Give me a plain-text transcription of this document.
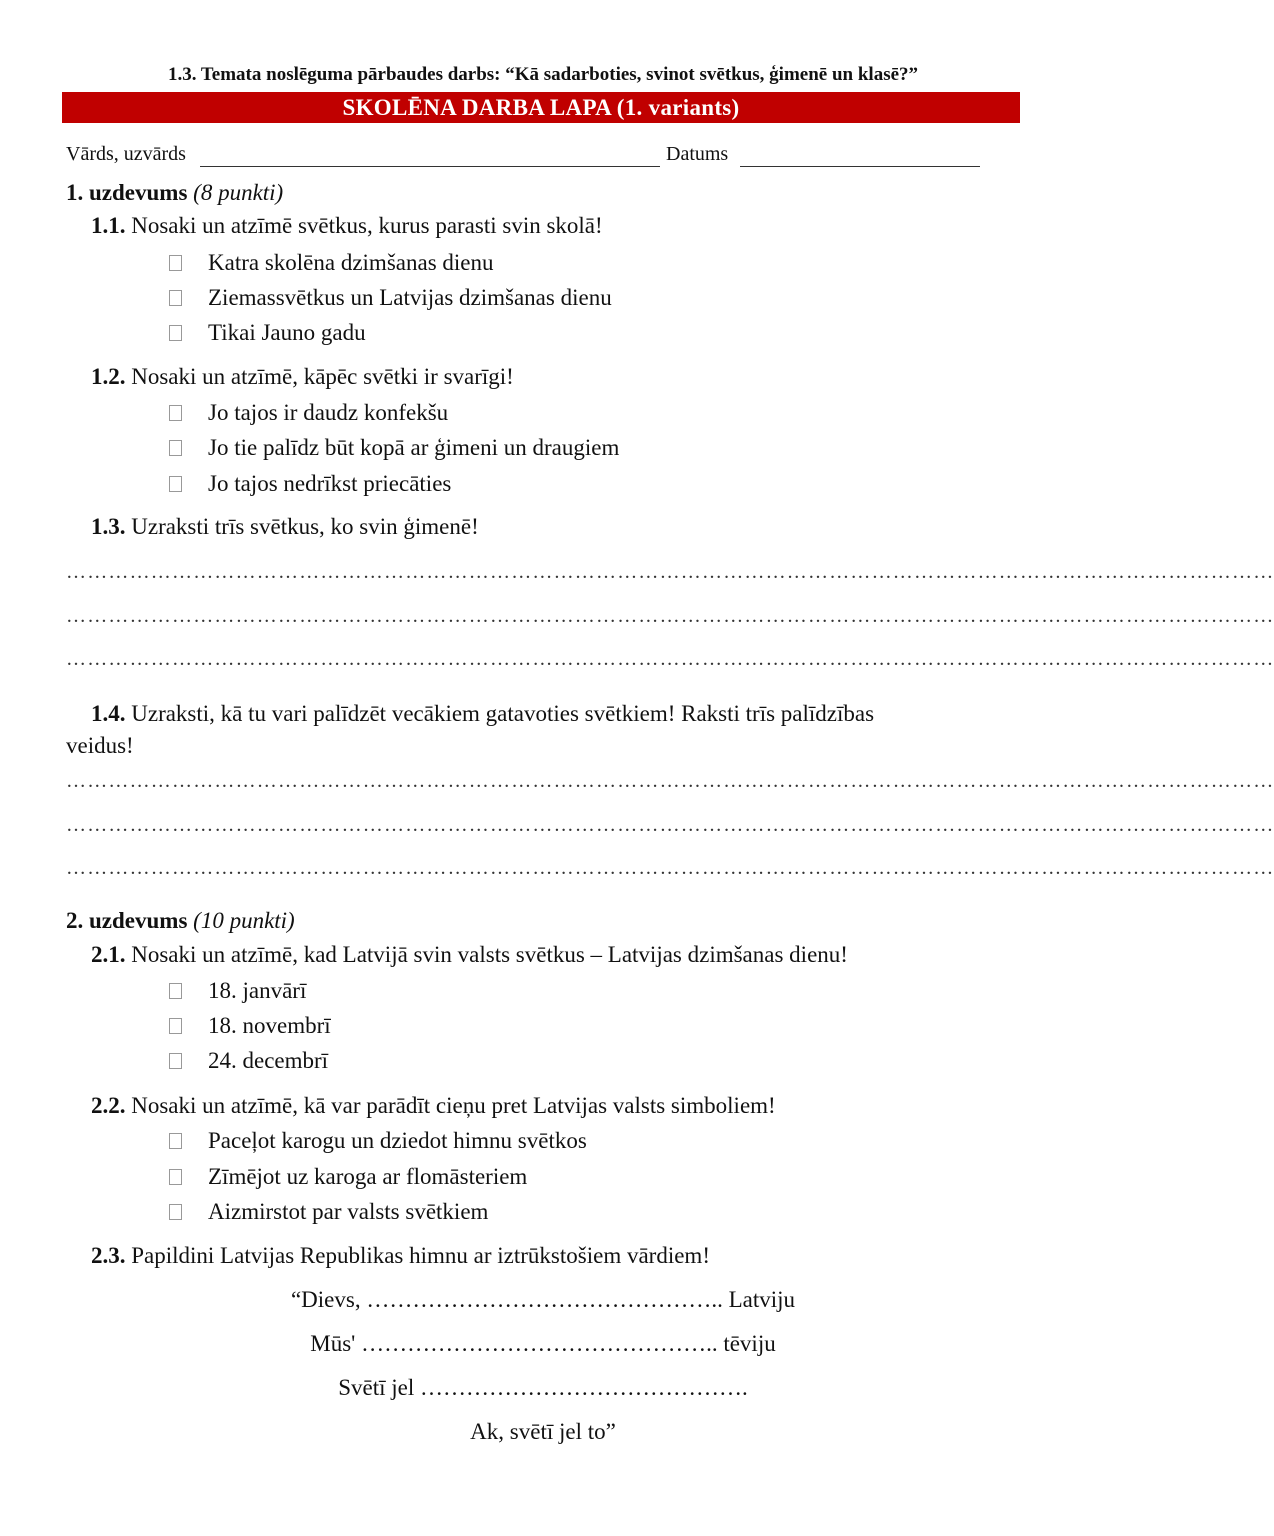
1.3. Temata noslēguma pārbaudes darbs: “Kā sadarboties, svinot svētkus, ģimenē un klasē?”
SKOLĒNA DARBA LAPA (1. variants)
Vārds, uzvārds	Datums
1. uzdevums (8 punkti)
1.1. Nosaki un atzīmē svētkus, kurus parasti svin skolā!
Katra skolēna dzimšanas dienu
Ziemassvētkus un Latvijas dzimšanas dienu
Tikai Jauno gadu
1.2. Nosaki un atzīmē, kāpēc svētki ir svarīgi!
Jo tajos ir daudz konfekšu
Jo tie palīdz būt kopā ar ģimeni un draugiem
Jo tajos nedrīkst priecāties
1.3. Uzraksti trīs svētkus, ko svin ģimenē!
………………………………………………………………………………………………………………………………………………………
………………………………………………………………………………………………………………………………………………………
………………………………………………………………………………………………………………………………………………………
1.4. Uzraksti, kā tu vari palīdzēt vecākiem gatavoties svētkiem! Raksti trīs palīdzības
veidus!
………………………………………………………………………………………………………………………………………………………
………………………………………………………………………………………………………………………………………………………
………………………………………………………………………………………………………………………………………………………
2. uzdevums (10 punkti)
2.1. Nosaki un atzīmē, kad Latvijā svin valsts svētkus – Latvijas dzimšanas dienu!
18. janvārī
18. novembrī
24. decembrī
2.2. Nosaki un atzīmē, kā var parādīt cieņu pret Latvijas valsts simboliem!
Paceļot karogu un dziedot himnu svētkos
Zīmējot uz karoga ar flomāsteriem
Aizmirstot par valsts svētkiem
2.3. Papildini Latvijas Republikas himnu ar iztrūkstošiem vārdiem!
“Dievs, ……………………………………….. Latviju
Mūs' ……………………………………….. tēviju
Svētī jel …………………………………….
Ak, svētī jel to”
